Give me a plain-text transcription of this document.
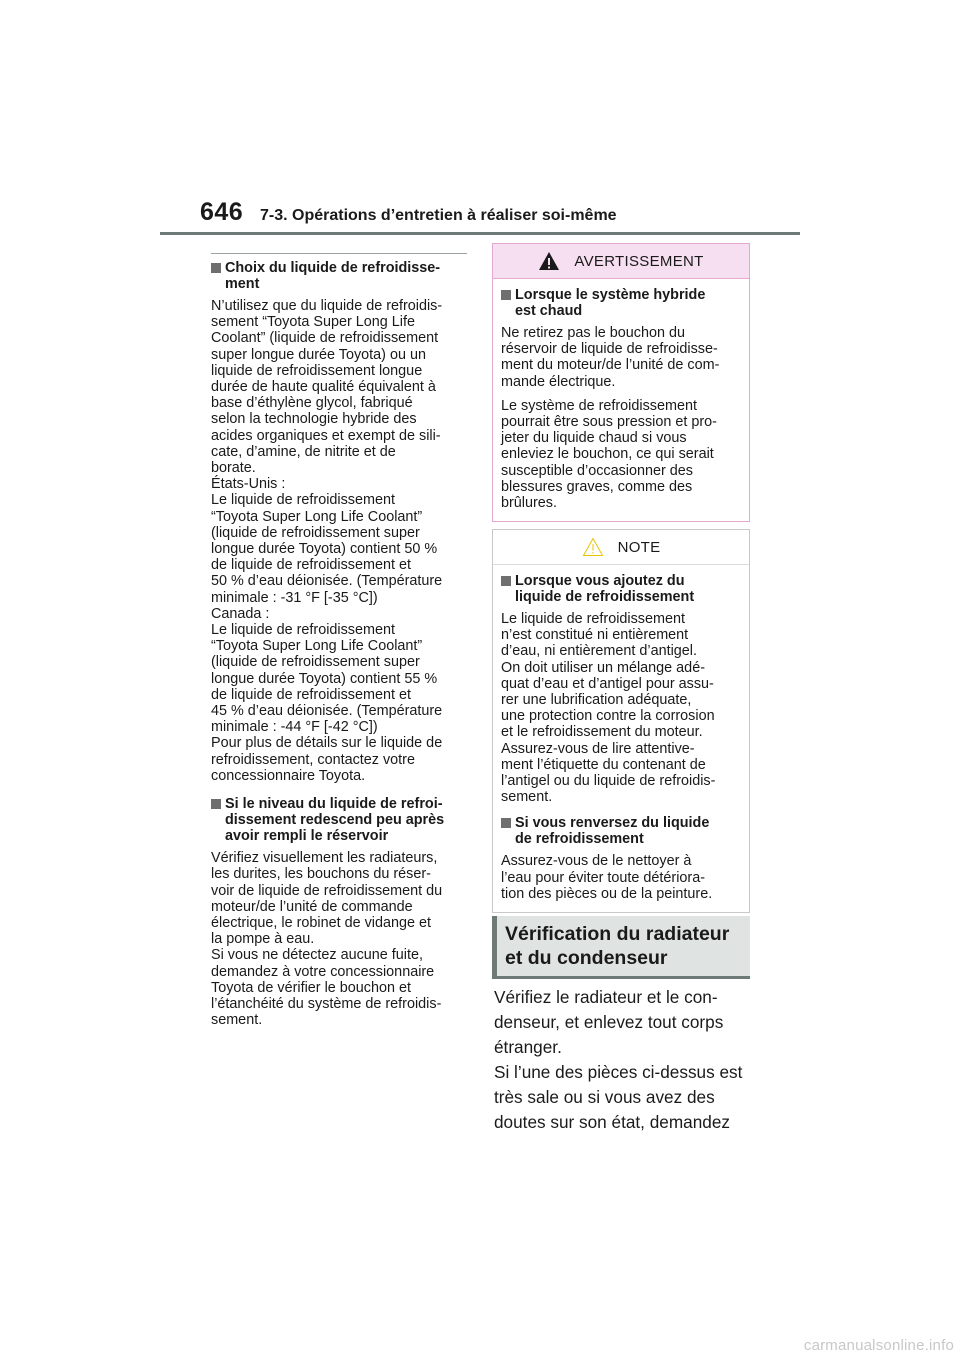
646 7-3. Opérations d’entretien à réaliser soi-même
Choix du liquide de refroidisse-
ment

N’utilisez que du liquide de refroidis-
sement “Toyota Super Long Life
Coolant” (liquide de refroidissement
super longue durée Toyota) ou un
liquide de refroidissement longue
durée de haute qualité équivalent à
base d’éthylène glycol, fabriqué
selon la technologie hybride des
acides organiques et exempt de sili-
cate, d’amine, de nitrite et de
borate.
États-Unis :
Le liquide de refroidissement
“Toyota Super Long Life Coolant”
(liquide de refroidissement super
longue durée Toyota) contient 50 %
de liquide de refroidissement et
50 % d’eau déionisée. (Température
minimale : -31 °F [-35 °C])
Canada :
Le liquide de refroidissement
“Toyota Super Long Life Coolant”
(liquide de refroidissement super
longue durée Toyota) contient 55 %
de liquide de refroidissement et
45 % d’eau déionisée. (Température
minimale : -44 °F [-42 °C])
Pour plus de détails sur le liquide de
refroidissement, contactez votre
concessionnaire Toyota.

Si le niveau du liquide de refroi-
dissement redescend peu après
avoir rempli le réservoir

Vérifiez visuellement les radiateurs,
les durites, les bouchons du réser-
voir de liquide de refroidissement du
moteur/de l’unité de commande
électrique, le robinet de vidange et
la pompe à eau.
Si vous ne détectez aucune fuite,
demandez à votre concessionnaire
Toyota de vérifier le bouchon et
l’étanchéité du système de refroidis-
sement.

AVERTISSEMENT
Lorsque le système hybride
est chaud

Ne retirez pas le bouchon du
réservoir de liquide de refroidisse-
ment du moteur/de l’unité de com-
mande électrique.

Le système de refroidissement
pourrait être sous pression et pro-
jeter du liquide chaud si vous
enleviez le bouchon, ce qui serait
susceptible d’occasionner des
blessures graves, comme des
brûlures.

NOTE
Lorsque vous ajoutez du
liquide de refroidissement

Le liquide de refroidissement
n’est constitué ni entièrement
d’eau, ni entièrement d’antigel.
On doit utiliser un mélange adé-
quat d’eau et d’antigel pour assu-
rer une lubrification adéquate,
une protection contre la corrosion
et le refroidissement du moteur.
Assurez-vous de lire attentive-
ment l’étiquette du contenant de
l’antigel ou du liquide de refroidis-
sement.

Si vous renversez du liquide
de refroidissement

Assurez-vous de le nettoyer à
l’eau pour éviter toute détériora-
tion des pièces ou de la peinture.

Vérification du radiateur
et du condenseur
Vérifiez le radiateur et le con-
denseur, et enlevez tout corps
étranger.
Si l’une des pièces ci-dessus est
très sale ou si vous avez des
doutes sur son état, demandez
carmanualsonline.info
